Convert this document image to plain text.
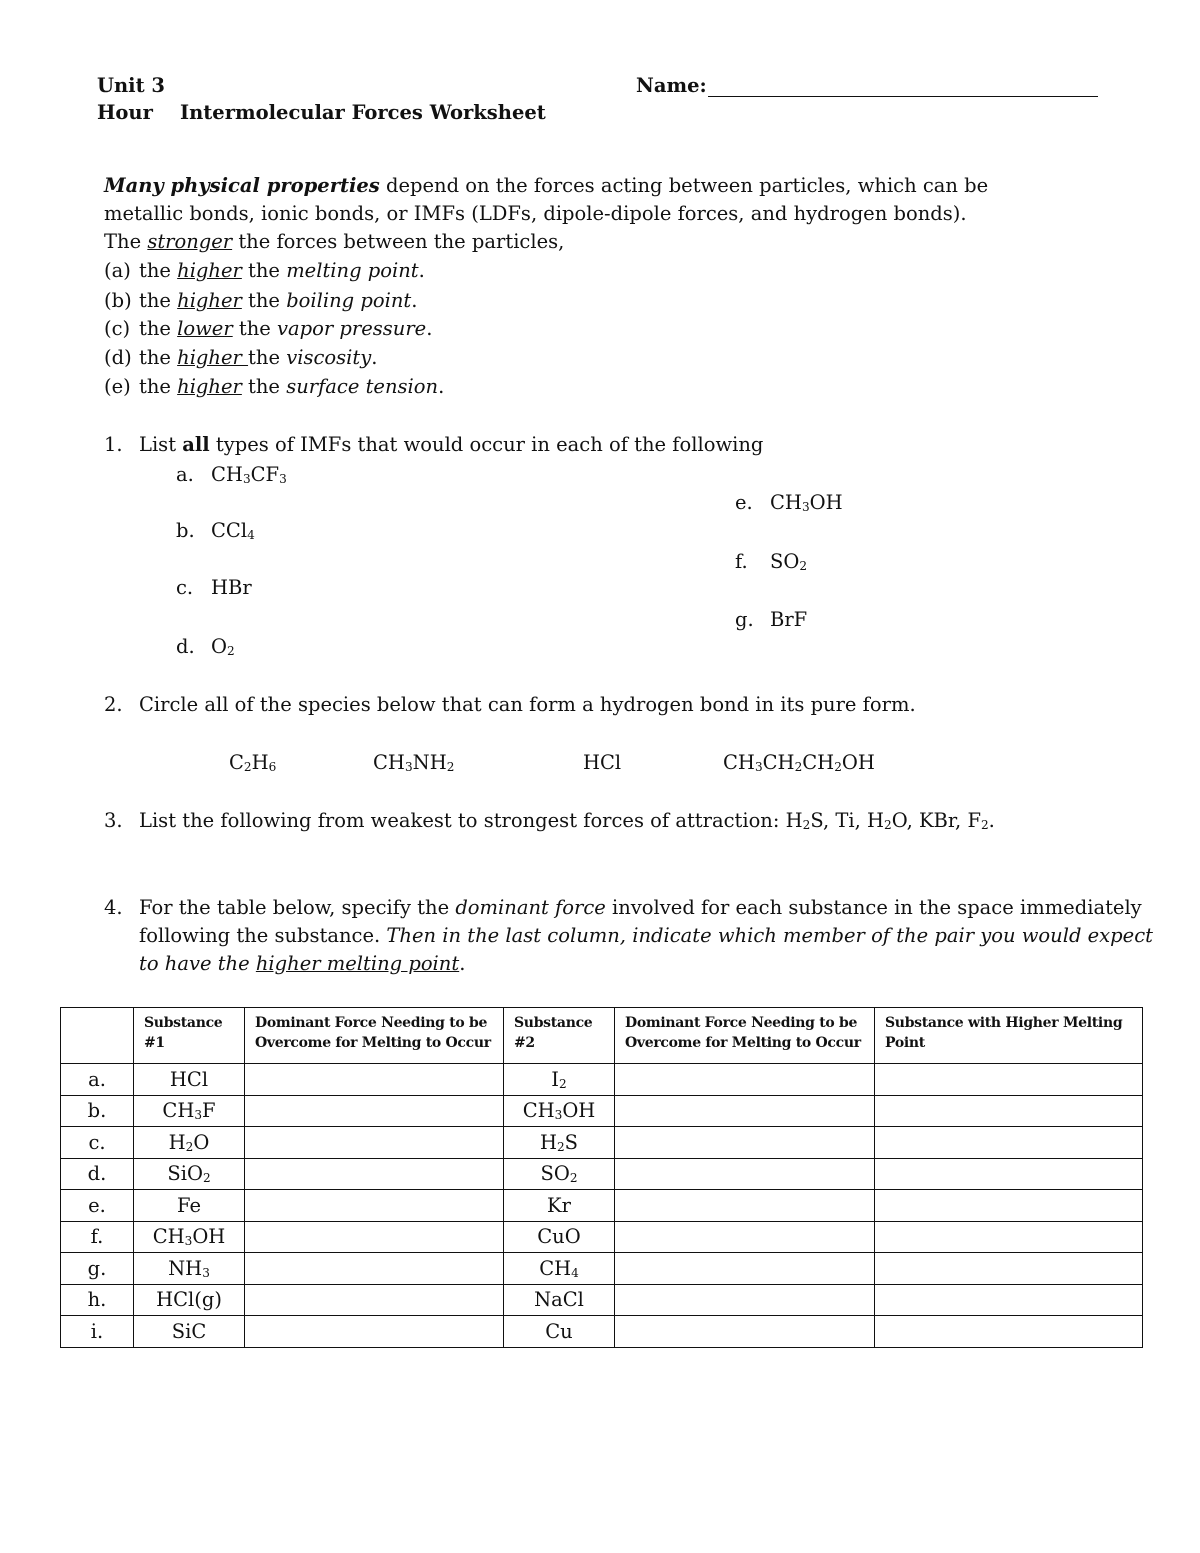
Unit 3
Hour Intermolecular Forces Worksheet
Name:
Many physical properties depend on the forces acting between particles, which can be
metallic bonds, ionic bonds, or IMFs (LDFs, dipole-dipole forces, and hydrogen bonds).
The stronger the forces between the particles,
(a) the higher the melting point.
(b) the higher the boiling point.
(c) the lower the vapor pressure.
(d) the higher the viscosity.
(e) the higher the surface tension.
1. List all types of IMFs that would occur in each of the following
a. $CH_3CF_3$
b. CCl$_4$
c. HBr
d. $O_2$
e. $CH_3OH$
f. $SO_2$
g. BrF
2. Circle all of the species below that can form a hydrogen bond in its pure form.
$C_2H_6$	$CH_3NH_2$	HCl	$CH_3CH_2CH_2OH$
3. List the following from weakest to strongest forces of attraction: $H_2S$, Ti, $H_2O$, KBr, $F_2$.
4. For the table below, specify the dominant force involved for each substance in the space immediately
following the substance. Then in the last column, indicate which member of the pair you would expect
to have the higher melting point.
	Substance #1	Dominant Force Needing to be
Overcome for Melting to Occur	Substance #2	Dominant Force Needing to be
Overcome for Melting to Occur	Substance with Higher Melting
Point
a.	HCl		$I_2$		
b.	$CH_3F$		$CH_3OH$		
c.	$H_2O$		$H_2S$		
d.	SiO$_2$		$SO_2$		
e.	Fe		Kr		
f.	$CH_3OH$		CuO		
g.	$NH_3$		$CH_4$		
h.	HCl(g)		NaCl		
i.	SiC		Cu		
